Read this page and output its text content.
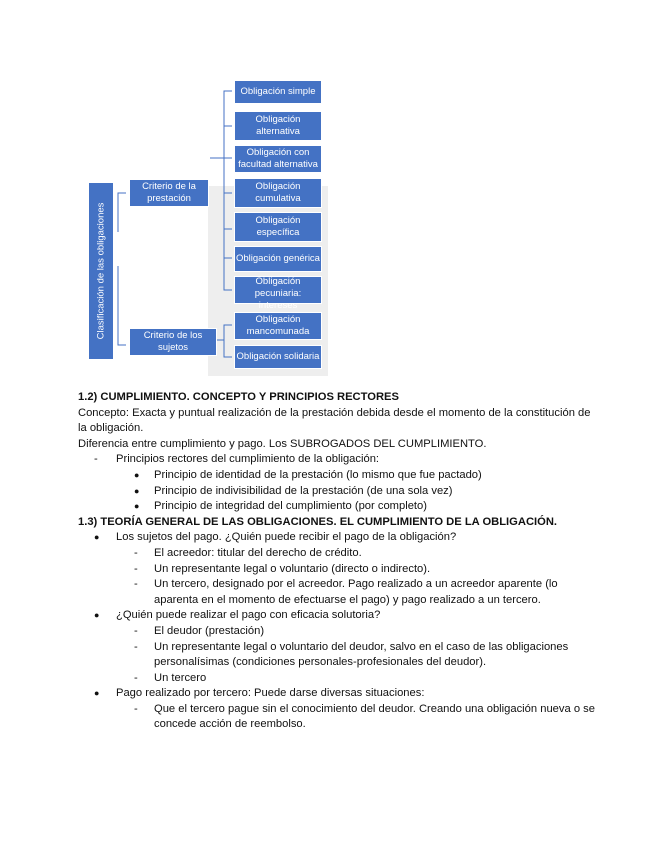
Clasificación de las obligaciones
Criterio de la prestación
Criterio de los sujetos
Obligación simple
Obligación alternativa
Obligación con facultad alternativa
Obligación cumulativa
Obligación específica
Obligación genérica
Obligación pecuniaria: intereses
Obligación mancomunada
Obligación solidaria

1.2) CUMPLIMIENTO. CONCEPTO Y PRINCIPIOS RECTORES

Concepto: Exacta y puntual realización de la prestación debida desde el momento de la constitución de la obligación.

Diferencia entre cumplimiento y pago. Los SUBROGADOS DEL CUMPLIMIENTO.

- Principios rectores del cumplimiento de la obligación:

● Principio de identidad de la prestación (lo mismo que fue pactado)

● Principio de indivisibilidad de la prestación (de una sola vez)

● Principio de integridad del cumplimiento (por completo)

1.3) TEORÍA GENERAL DE LAS OBLIGACIONES. EL CUMPLIMIENTO DE LA OBLIGACIÓN.

● Los sujetos del pago. ¿Quién puede recibir el pago de la obligación?

- El acreedor: titular del derecho de crédito.

- Un representante legal o voluntario (directo o indirecto).

- Un tercero, designado por el acreedor. Pago realizado a un acreedor aparente (lo aparenta en el momento de efectuarse el pago) y pago realizado a un tercero.

● ¿Quién puede realizar el pago con eficacia solutoria?

- El deudor (prestación)

- Un representante legal o voluntario del deudor, salvo en el caso de las obligaciones personalísimas (condiciones personales-profesionales del deudor).

- Un tercero

● Pago realizado por tercero: Puede darse diversas situaciones:

- Que el tercero pague sin el conocimiento del deudor. Creando una obligación nueva o se concede acción de reembolso.
